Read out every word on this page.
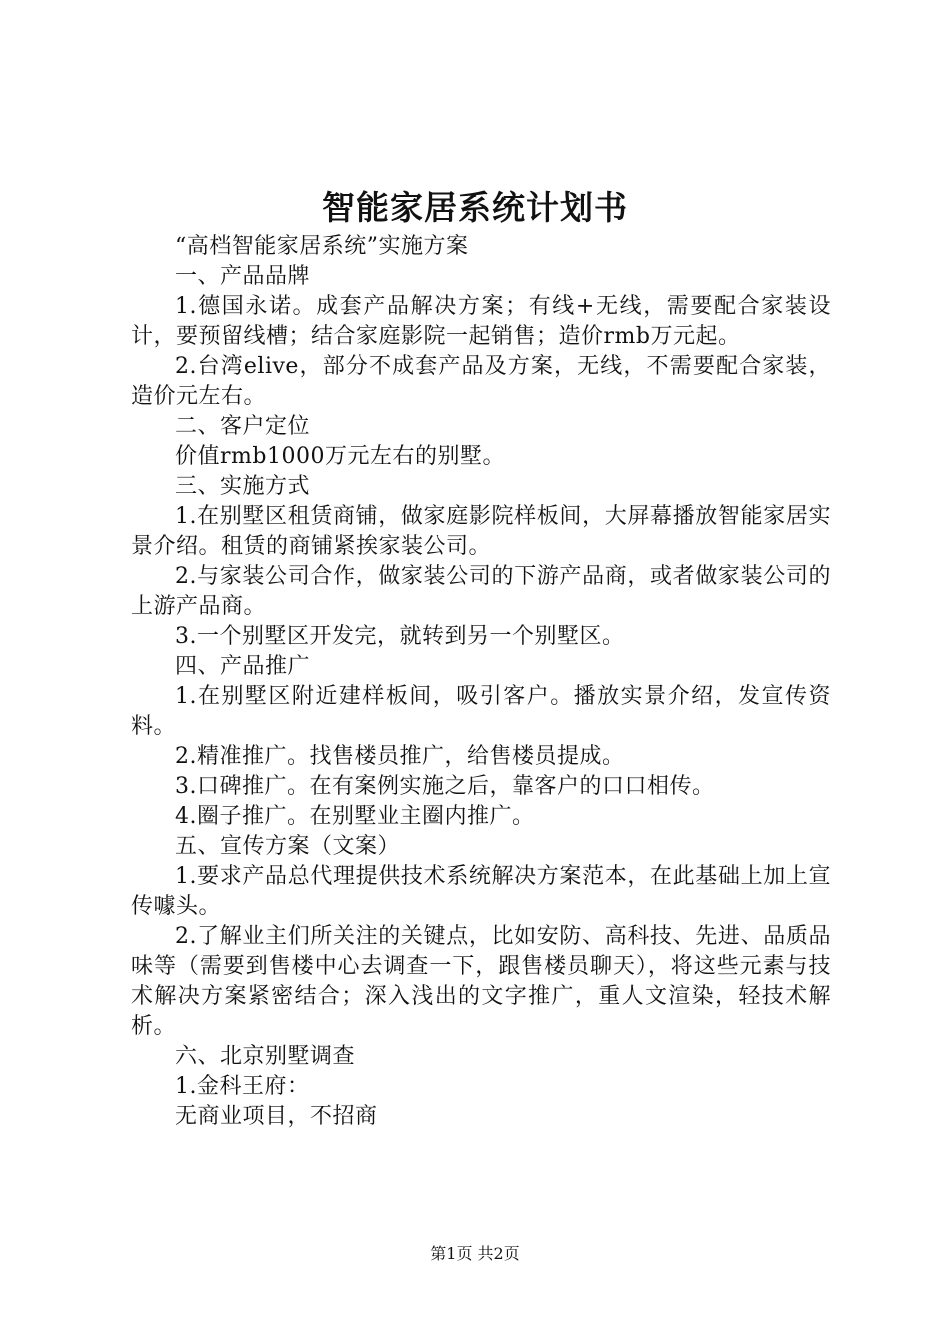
智能家居系统计划书

“高档智能家居系统”实施方案

一、产品品牌

1.德国永诺。成套产品解决方案；有线+无线，需要配合家装设计，要预留线槽；结合家庭影院一起销售；造价rmb万元起。

2.台湾elive，部分不成套产品及方案，无线，不需要配合家装，造价元左右。

二、客户定位

价值rmb1000万元左右的别墅。

三、实施方式

1.在别墅区租赁商铺，做家庭影院样板间，大屏幕播放智能家居实景介绍。租赁的商铺紧挨家装公司。

2.与家装公司合作，做家装公司的下游产品商，或者做家装公司的上游产品商。

3.一个别墅区开发完，就转到另一个别墅区。

四、产品推广

1.在别墅区附近建样板间，吸引客户。播放实景介绍，发宣传资料。

2.精准推广。找售楼员推广，给售楼员提成。

3.口碑推广。在有案例实施之后，靠客户的口口相传。

4.圈子推广。在别墅业主圈内推广。

五、宣传方案（文案）

1.要求产品总代理提供技术系统解决方案范本，在此基础上加上宣传噱头。

2.了解业主们所关注的关键点，比如安防、高科技、先进、品质品味等（需要到售楼中心去调查一下，跟售楼员聊天），将这些元素与技术解决方案紧密结合；深入浅出的文字推广，重人文渲染，轻技术解析。

六、北京别墅调查

1.金科王府：

无商业项目，不招商

第1页 共2页
